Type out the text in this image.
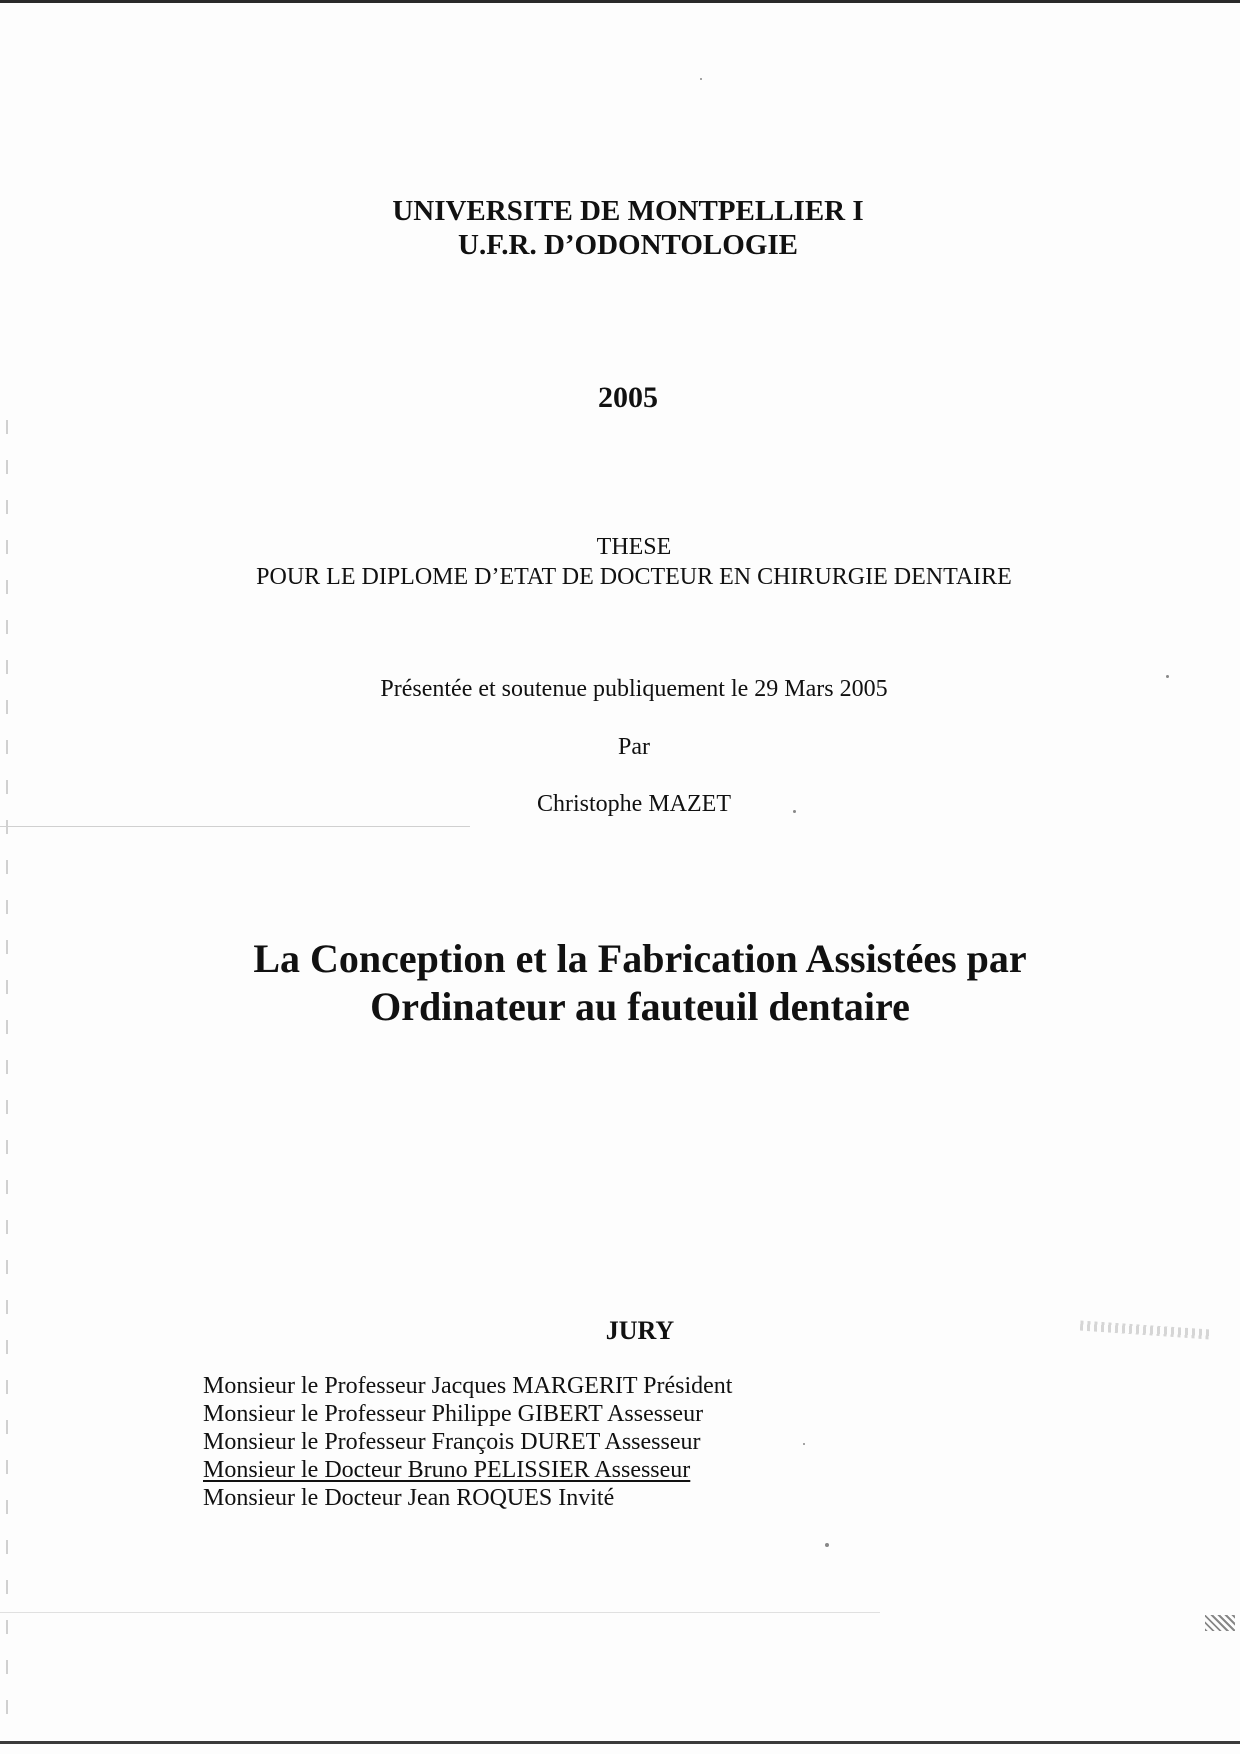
UNIVERSITE DE MONTPELLIER I
U.F.R. D’ODONTOLOGIE
2005
THESE
POUR LE DIPLOME D’ETAT DE DOCTEUR EN CHIRURGIE DENTAIRE
Présentée et soutenue publiquement le 29 Mars 2005
Par
Christophe MAZET
La Conception et la Fabrication Assistées par
Ordinateur au fauteuil dentaire
JURY
Monsieur le Professeur Jacques MARGERIT Président
Monsieur le Professeur Philippe GIBERT Assesseur
Monsieur le Professeur François DURET Assesseur
Monsieur le Docteur Bruno PELISSIER Assesseur
Monsieur le Docteur Jean ROQUES Invité
